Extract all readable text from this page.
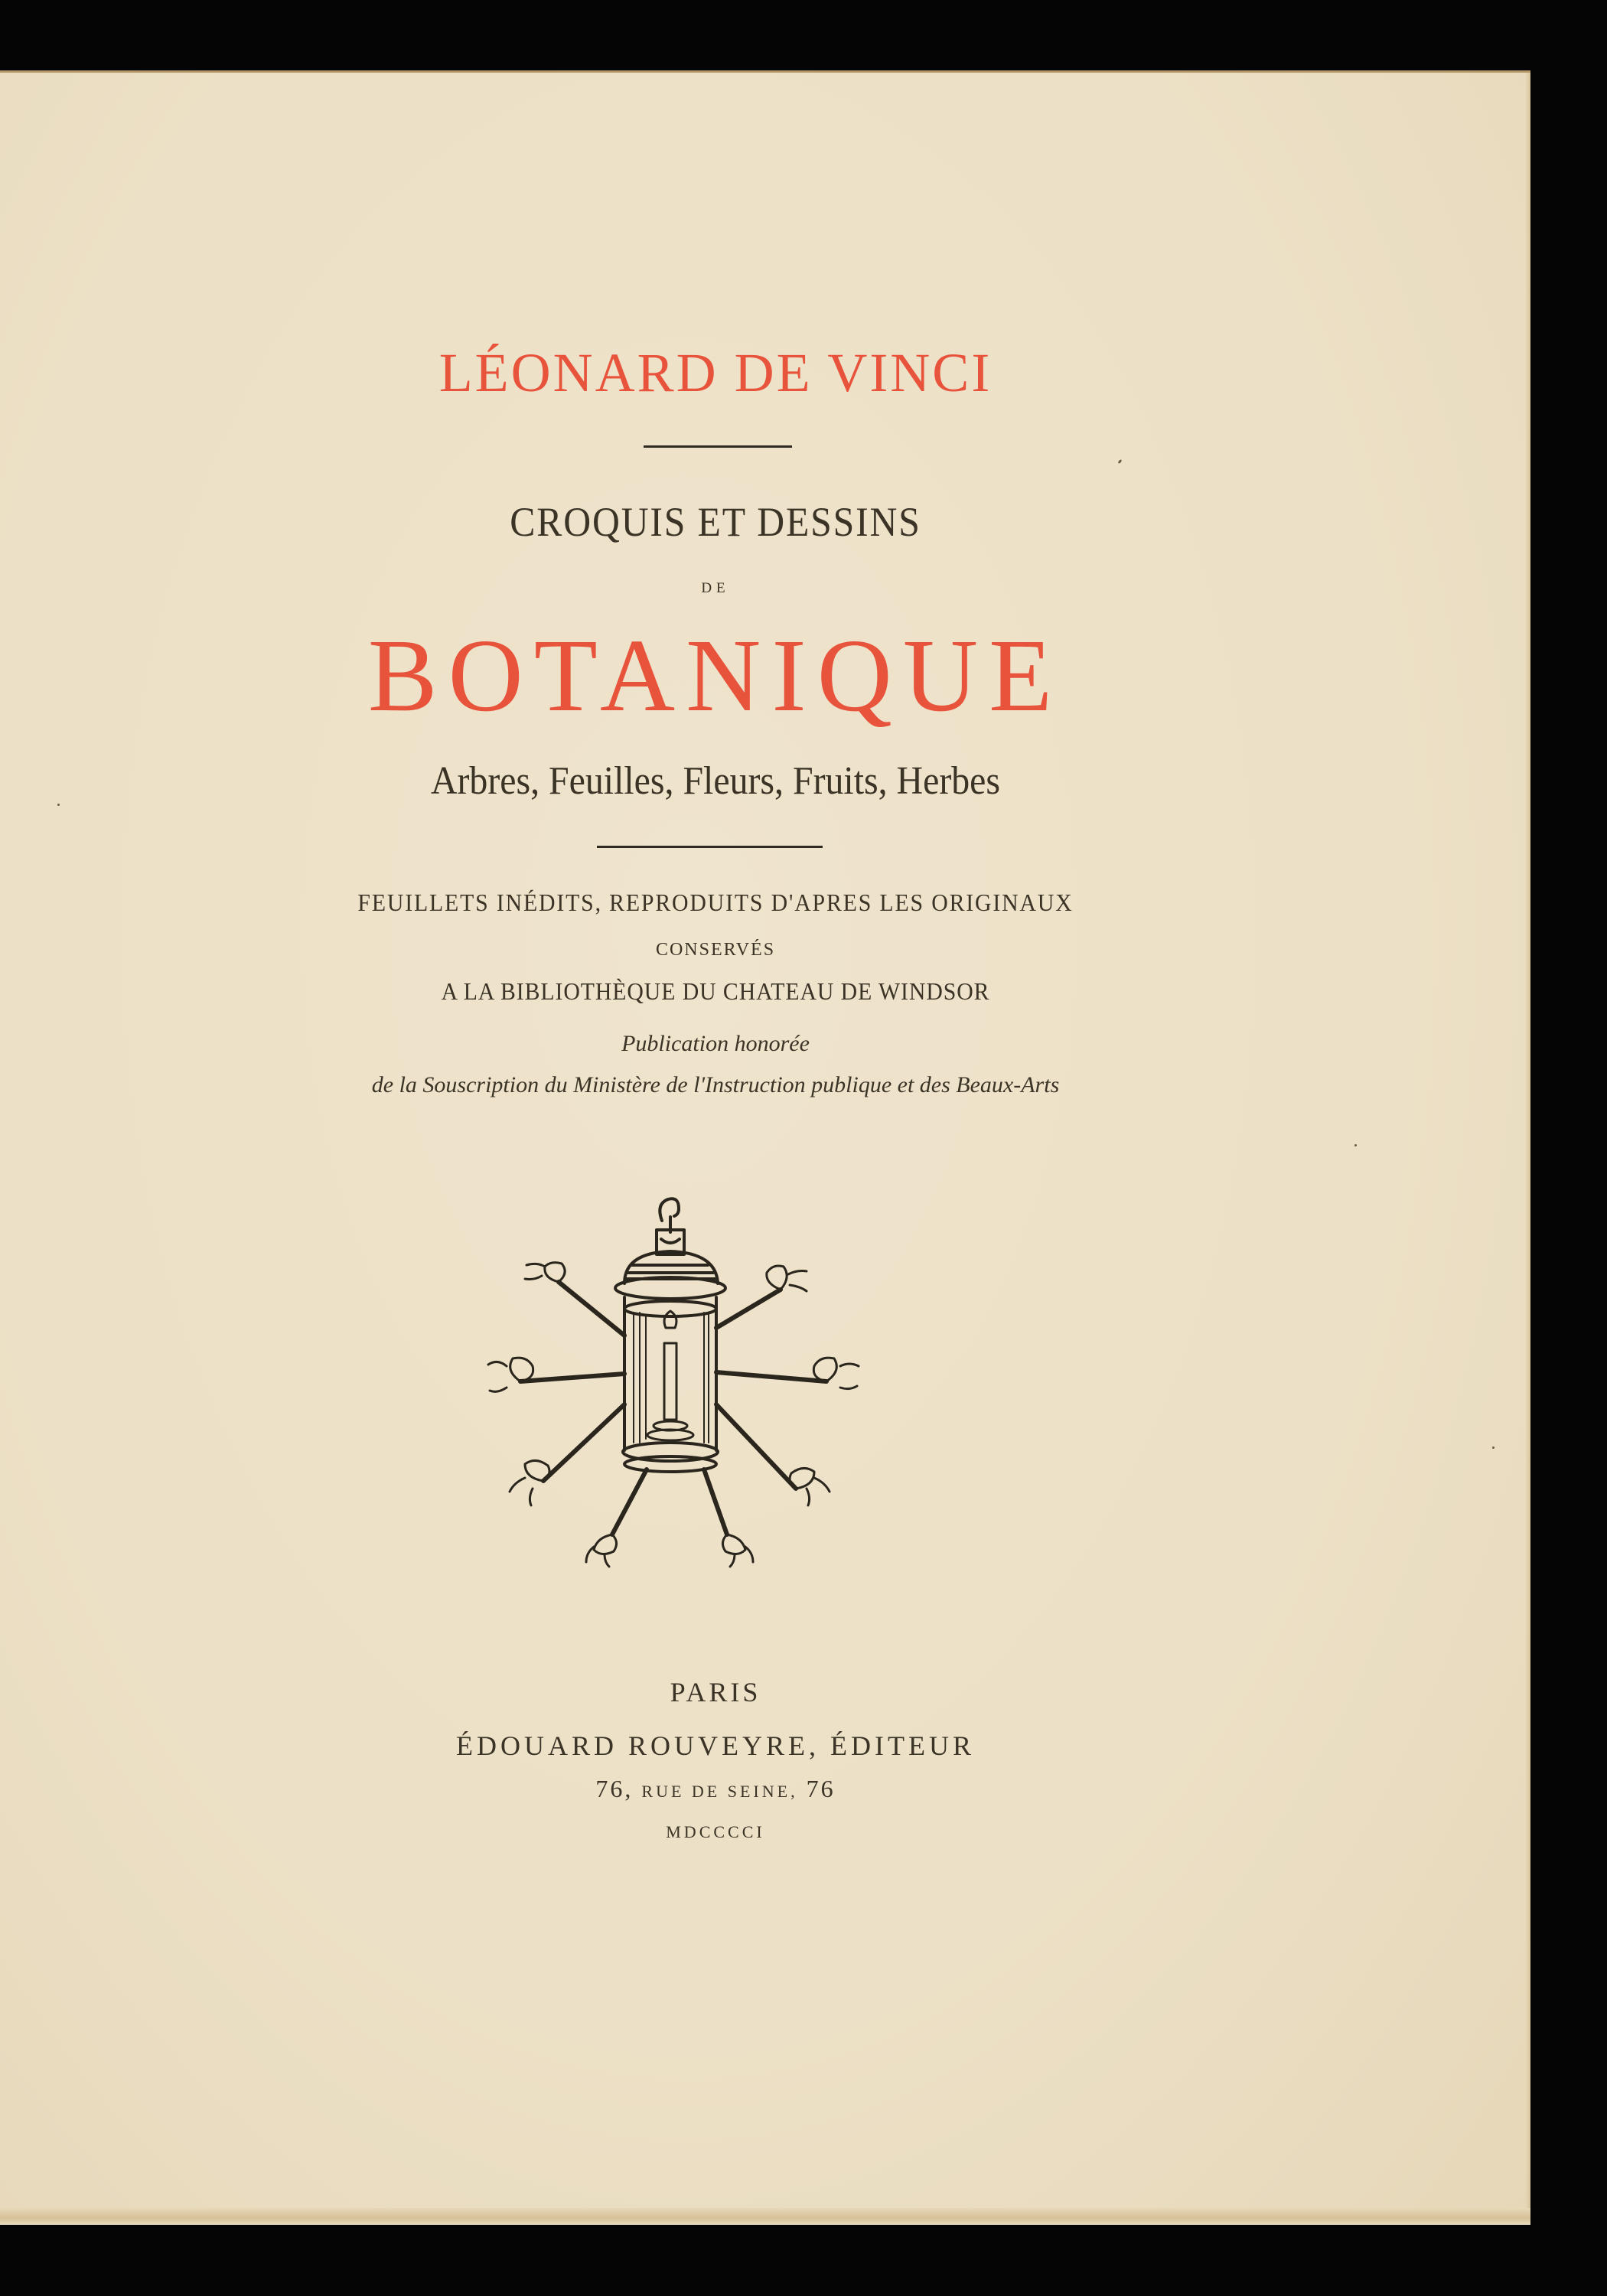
LÉONARD DE VINCI
CROQUIS ET DESSINS
DE
BOTANIQUE
Arbres, Feuilles, Fleurs, Fruits, Herbes
FEUILLETS INÉDITS, REPRODUITS D'APRES LES ORIGINAUX
CONSERVÉS
A LA BIBLIOTHÈQUE DU CHATEAU DE WINDSOR
Publication honorée
de la Souscription du Ministère de l'Instruction publique et des Beaux-Arts
PARIS
ÉDOUARD ROUVEYRE, ÉDITEUR
76, RUE DE SEINE, 76
MDCCCCI
